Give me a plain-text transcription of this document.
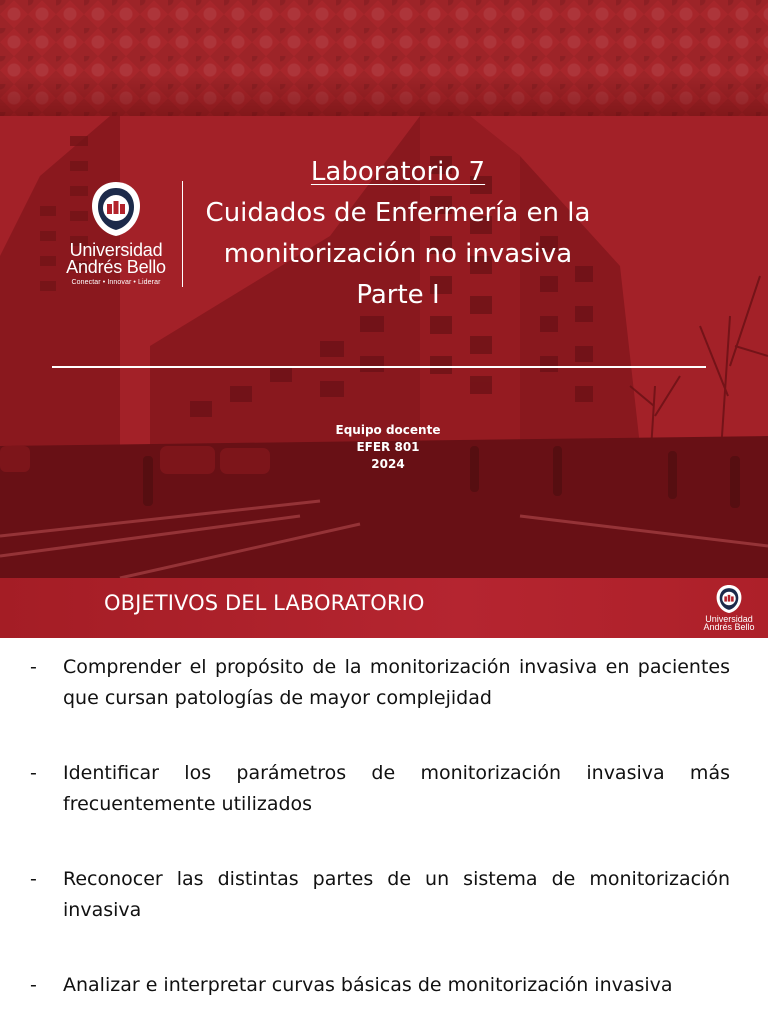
Universidad
Andrés Bello
Conectar • Innovar • Liderar
Laboratorio 7
Cuidados de Enfermería en la
monitorización no invasiva
Parte I
Equipo docente
EFER 801
2024
OBJETIVOS DEL LABORATORIO
Universidad
Andrés Bello
- Comprender el propósito de la monitorización invasiva en pacientes que cursan patologías de mayor complejidad
- Identificar los parámetros de monitorización invasiva más frecuentemente utilizados
- Reconocer las distintas partes de un sistema de monitorización invasiva
- Analizar e interpretar curvas básicas de monitorización invasiva
